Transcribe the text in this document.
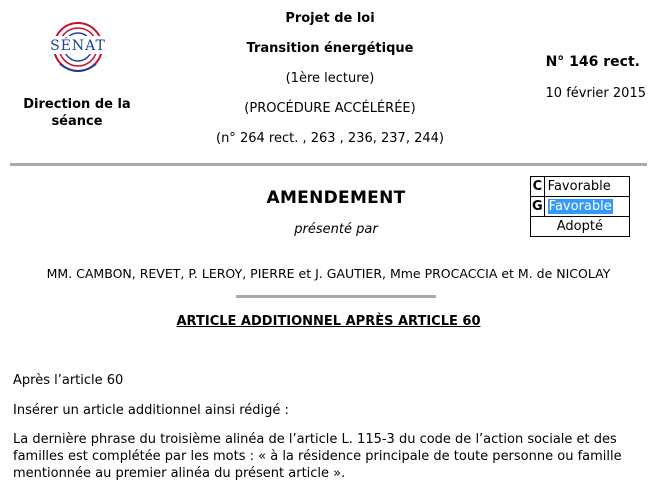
SÉNAT
Direction de la séance
Projet de loi
Transition énergétique
(1ère lecture)
(PROCÉDURE ACCÉLÉRÉE)
(n° 264 rect. , 263 , 236, 237, 244)
N° 146 rect.
10 février 2015
AMENDEMENT
présenté par
C	Favorable
G	Favorable
Adopté	
MM. CAMBON, REVET, P. LEROY, PIERRE et J. GAUTIER, Mme PROCACCIA et M. de NICOLAY
ARTICLE ADDITIONNEL APRÈS ARTICLE 60
Après l’article 60
Insérer un article additionnel ainsi rédigé :
La dernière phrase du troisième alinéa de l’article L. 115-3 du code de l’action sociale et des familles est complétée par les mots : « à la résidence principale de toute personne ou famille mentionnée au premier alinéa du présent article ».
